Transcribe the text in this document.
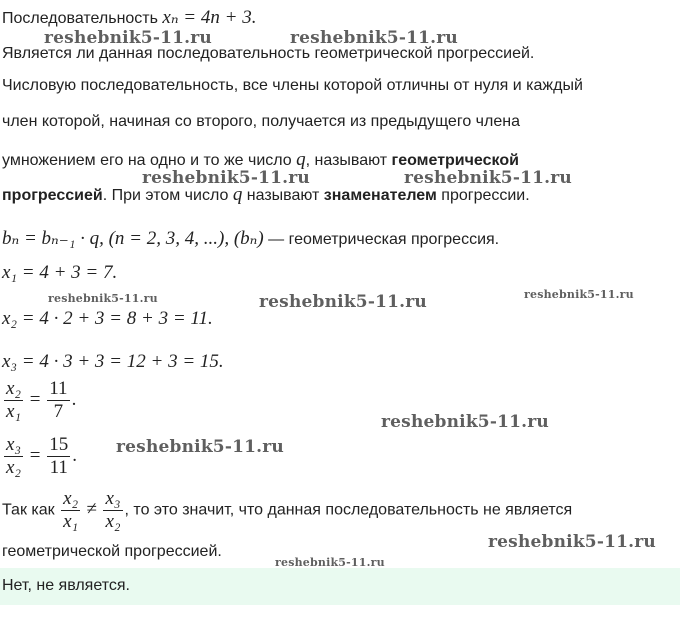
Последовательность xₙ = 4n + 3.
Является ли данная последовательность геометрической прогрессией.
Числовую последовательность, все члены которой отличны от нуля и каждый
член которой, начиная со второго, получается из предыдущего члена
умножением его на одно и то же число q, называют геометрической
прогрессией. При этом число q называют знаменателем прогрессии.
bₙ = bₙ₋₁ · q, (n = 2, 3, 4, ...), (bₙ) — геометрическая прогрессия.
x₁ = 4 + 3 = 7.
x₂ = 4 · 2 + 3 = 8 + 3 = 11.
x₃ = 4 · 3 + 3 = 12 + 3 = 15.
$\frac{\text{x₂}}{\text{x₁}} = \frac{11}{7}$ .
$\frac{\text{x₃}}{\text{x₂}} = \frac{15}{11}$ .
Так как $\frac{\text{x₂}}{\text{x₁}} \ne \frac{\text{x₃}}{\text{x₂}}$ , то это значит, что данная последовательность не является
геометрической прогрессией.
Нет, не является.
reshebnik5-11.ru	reshebnik5-11.ru
reshebnik5-11.ru	reshebnik5-11.ru
reshebnik5-11.ru	reshebnik5-11.ru	reshebnik5-11.ru
reshebnik5-11.ru
reshebnik5-11.ru
reshebnik5-11.ru
reshebnik5-11.ru
